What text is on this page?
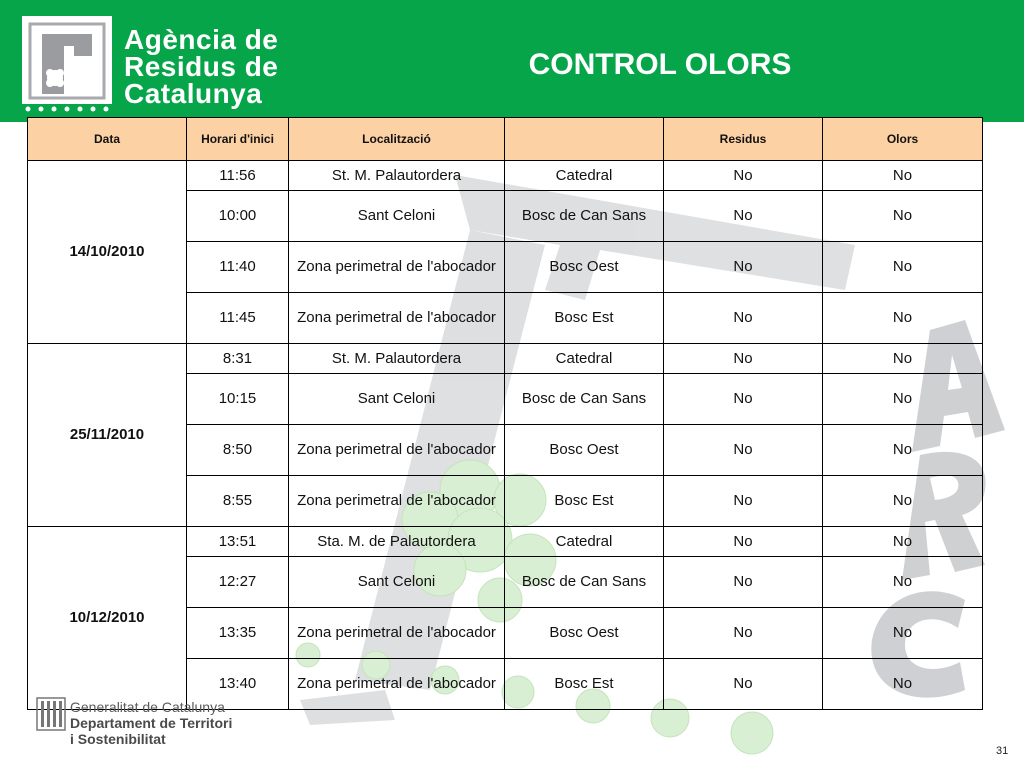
Agència de
Residus de
Catalunya
CONTROL OLORS
Data	Horari d'inici	Localització		Residus	Olors
14/10/2010	11:56	St. M. Palautordera	Catedral	No	No
	10:00	Sant Celoni	Bosc de Can Sans	No	No
	11:40	Zona perimetral de l'abocador	Bosc Oest	No	No
	11:45	Zona perimetral de l'abocador	Bosc Est	No	No
25/11/2010	8:31	St. M. Palautordera	Catedral	No	No
	10:15	Sant Celoni	Bosc de Can Sans	No	No
	8:50	Zona perimetral de l'abocador	Bosc Oest	No	No
	8:55	Zona perimetral de l'abocador	Bosc Est	No	No
10/12/2010	13:51	Sta. M. de Palautordera	Catedral	No	No
	12:27	Sant Celoni	Bosc de Can Sans	No	No
	13:35	Zona perimetral de l'abocador	Bosc Oest	No	No
	13:40	Zona perimetral de l'abocador	Bosc Est	No	No
Generalitat de Catalunya
Departament de Territori
i Sostenibilitat
31
